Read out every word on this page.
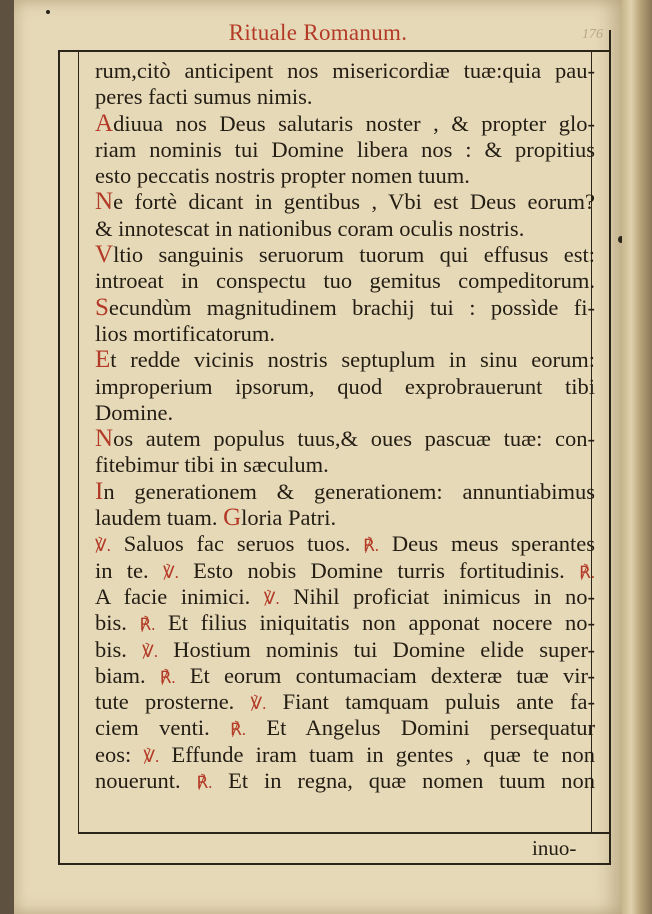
176
Rituale Romanum.
rum,citò anticipent nos misericordiæ tuæ:quia pau-
peres facti sumus nimis.
Adiuua nos Deus salutaris noster , & propter glo-
riam nominis tui Domine libera nos : & propitius
esto peccatis nostris propter nomen tuum.
Ne fortè dicant in gentibus , Vbi est Deus eorum?
& innotescat in nationibus coram oculis nostris.
Vltio sanguinis seruorum tuorum qui effusus est:
introeat in conspectu tuo gemitus compeditorum.
Secundùm magnitudinem brachij tui : possìde fi-
lios mortificatorum.
Et redde vicinis nostris septuplum in sinu eorum:
improperium ipsorum, quod exprobrauerunt tibi
Domine.
Nos autem populus tuus,& oues pascuæ tuæ: con-
fitebimur tibi in sæculum.
In generationem & generationem: annuntiabimus
laudem tuam. Gloria Patri.
℣. Saluos fac seruos tuos. ℟. Deus meus sperantes
in te. ℣. Esto nobis Domine turris fortitudinis. ℟.
A facie inimici. ℣. Nihil proficiat inimicus in no-
bis. ℟. Et filius iniquitatis non apponat nocere no-
bis. ℣. Hostium nominis tui Domine elide super-
biam. ℟. Et eorum contumaciam dexteræ tuæ vir-
tute prosterne. ℣. Fiant tamquam puluis ante fa-
ciem venti. ℟. Et Angelus Domini persequatur
eos: ℣. Effunde iram tuam in gentes , quæ te non
nouerunt. ℟. Et in regna, quæ nomen tuum non
inuo-
